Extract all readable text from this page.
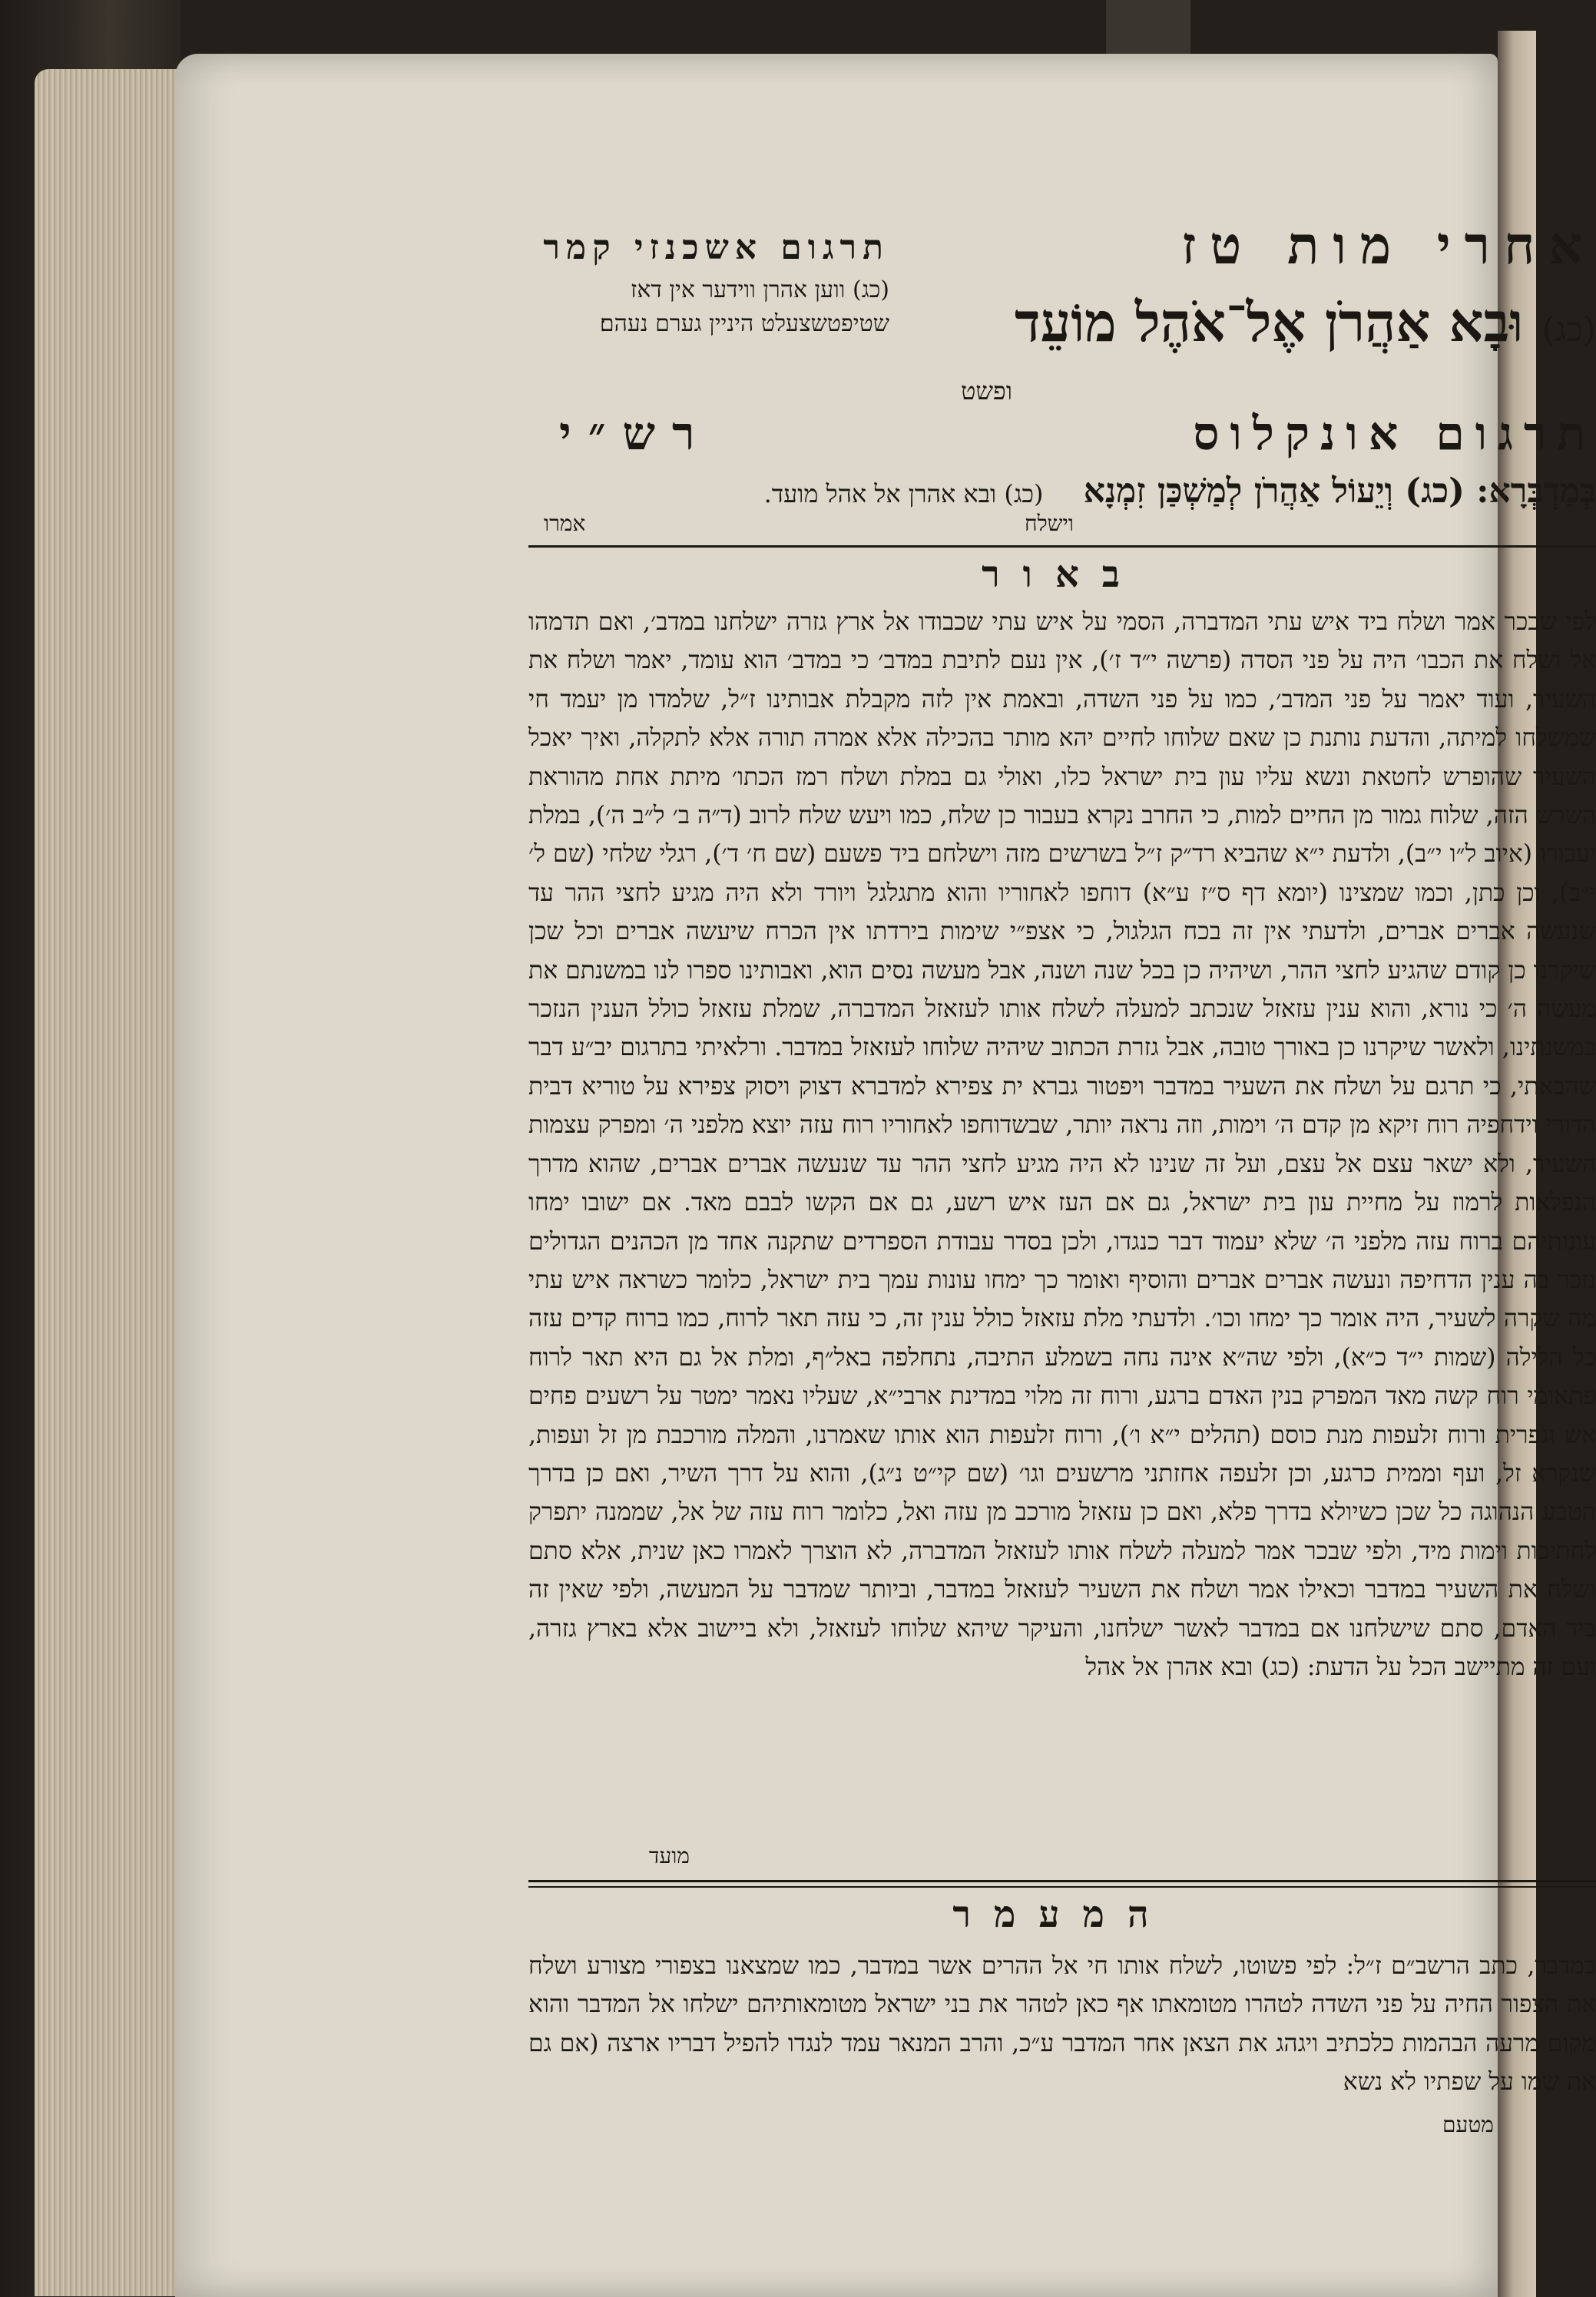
אחרי מות טז
(כג) וּבָא אַהֲרֹן אֶל־אֹהֶל מוֹעֵד
ופשט
תרגום אשכנזי קמר
(כג) ווען אהרן ווידער אין דאז שטיפטשצעלט היניין גערם נעהם׃
תרגום אונקלוס
רש״י
בְּמַדְבְּרָא: (כג) וְיֵעוֹל אַהֲרֹן לְמַשְׁכַּן זִמְנָא (כג) ובא אהרן אל אהל מועד.
וישלח
אמרו
באור
לפי שבכר אמר ושלח ביד איש עתי המדברה, הסמי על איש עתי שכבודו אל ארץ גזרה ישלחנו במדב׳, ואם תדמהו אל ושלח את הכבו׳ היה על פני הסדה (פרשה י״ד ז׳), אין נעם לתיבת במדב׳ כי במדב׳ הוא עומד, יאמר ושלח את השעיר, ועוד יאמר על פני המדב׳, כמו על פני השדה, ובאמת אין לזה מקבלת אבותינו ז״ל, שלמדו מן יעמד חי שמשלחו למיתה, והדעת נותנת כן שאם שלוחו לחיים יהא מותר בהכילה אלא אמרה תורה אלא לתקלה, ואיך יאכל השעיר שהופרש לחטאת ונשא עליו עון בית ישראל כלו, ואולי גם במלת ושלח רמז הכתו׳ מיתת אחת מהוראת השרש הזה, שלוח גמור מן החיים למות, כי החרב נקרא בעבור כן שלח, כמו ויעש שלח לרוב (ד״ה ב׳ ל״ב ה׳), במלת יעבורו (איוב ל״ו י״ב), ולדעת י״א שהביא רד״ק ז״ל בשרשים מזה וישלחם ביד פשעם (שם ח׳ ד׳), רגלי שלחי (שם ל׳ י״ב), וכן כתן, וכמו שמצינו (יומא דף ס״ז ע״א) דוחפו לאחוריו והוא מתגלגל ויורד ולא היה מגיע לחצי ההר עד שנעשה אברים אברים, ולדעתי אין זה בכח הגלגול, כי אצפ״י שימות בירדתו אין הכרח שיעשה אברים וכל שכן שיקרנו כן קודם שהגיע לחצי ההר, ושיהיה כן בכל שנה ושנה, אבל מעשה נסים הוא, ואבותינו ספרו לנו במשנתם את מעשה ה׳ כי נורא, והוא ענין עזאזל שנכתב למעלה לשלח אותו לעזאזל המדברה, שמלת עזאזל כולל הענין הנזכר במשנתינו, ולאשר שיקרנו כן באורך טובה, אבל גזרת הכתוב שיהיה שלוחו לעזאזל במדבר. ורלאיתי בתרגום יב״ע דבר שהבאתי, כי תרגם על ושלח את השעיר במדבר ויפטור גברא ית צפירא למדברא דצוק ויסוק צפירא על טוריא דבית הדורי וידחפיה רוח זיקא מן קדם ה׳ וימות, וזה נראה יותר, שבשדוחפו לאחוריו רוח עזה יוצא מלפני ה׳ ומפרק עצמות השעיר, ולא ישאר עצם אל עצם, ועל זה שנינו לא היה מגיע לחצי ההר עד שנעשה אברים אברים, שהוא מדרך הנפלאות לרמוז על מחיית עון בית ישראל, גם אם העז איש רשע, גם אם הקשו לבבם מאד. אם ישובו ימחו עונותיהם ברוח עזה מלפני ה׳ שלא יעמוד דבר כנגדו, ולכן בסדר עבודת הספרדים שתקנה אחד מן הכהנים הגדולים נזכר בה ענין הדחיפה ונעשה אברים אברים והוסיף ואומר כך ימחו עונות עמך בית ישראל, כלומר כשראה איש עתי מה שקרה לשעיר, היה אומר כך ימחו וכו׳. ולדעתי מלת עזאזל כולל ענין זה, כי עזה תאר לרוח, כמו ברוח קדים עזה כל הלילה (שמות י״ד כ״א), ולפי שה״א אינה נחה בשמלע התיבה, נתחלפה באל״ף, ומלת אל גם היא תאר לרוח פתאומי רוח קשה מאד המפרק בנין האדם ברגע, ורוח זה מלוי במדינת ארבי״א, שעליו נאמר ימטר על רשעים פחים אש וגפרית ורוח זלעפות מנת כוסם (תהלים י״א ו׳), ורוח זלעפות הוא אותו שאמרנו, והמלה מורכבת מן זל ועפות, שנקרא זל, ועף וממית כרגע, וכן זלעפה אחזתני מרשעים וגו׳ (שם קי״ט נ״ג), והוא על דרך השיר, ואם כן בדרך הטבע הנהוגה כל שכן כשיולא בדרך פלא, ואם כן עזאזל מורכב מן עזה ואל, כלומר רוח עזה של אל, שממנה יתפרק לחתיכות וימות מיד, ולפי שבכר אמר למעלה לשלח אותו לעזאזל המדברה, לא הוצרך לאמרו כאן שנית, אלא סתם ושלח את השעיר במדבר וכאילו אמר ושלח את השעיר לעזאזל במדבר, וביותר שמדבר על המעשה, ולפי שאין זה ביד האדם, סתם שישלחנו אם במדבר לאשר ישלחנו, והעיקר שיהא שלוחו לעזאזל, ולא ביישוב אלא בארץ גזרה, ועם זה מתיישב הכל על הדעת: (כג) ובא אהרן אל אהל
מועד
המעמר
במדבר, כתב הרשב״ם ז״ל: לפי פשוטו, לשלח אותו חי אל ההרים אשר במדבר, כמו שמצאנו בצפורי מצורע ושלח את הצפור החיה על פני השדה לטהרו מטומאתו אף כאן לטהר את בני ישראל מטומאותיהם ישלחו אל המדבר והוא מקום מרעה הבהמות כלכתיב ויגהג את הצאן אחר המדבר ע״כ, והרב המנאר עמד לנגדו להפיל דבריו ארצה (אם גם את שמו על שפתיו לא נשא
מטעם
